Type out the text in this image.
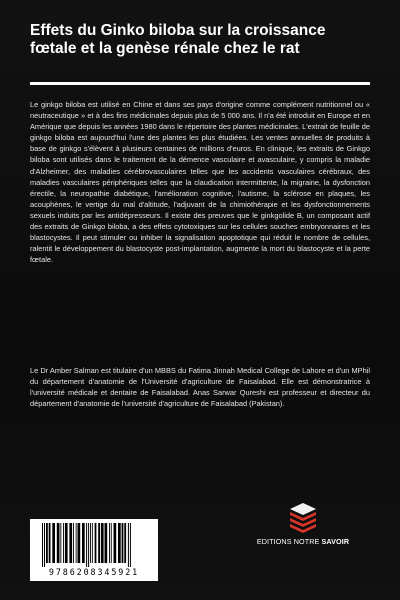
Effets du Ginko biloba sur la croissance fœtale et la genèse rénale chez le rat

Le ginkgo biloba est utilisé en Chine et dans ses pays d'origine comme complément nutritionnel ou « neutraceutique » et à des fins médicinales depuis plus de 5 000 ans. Il n'a été introduit en Europe et en Amérique que depuis les années 1980 dans le répertoire des plantes médicinales. L'extrait de feuille de ginkgo biloba est aujourd'hui l'une des plantes les plus étudiées. Les ventes annuelles de produits à base de ginkgo s'élèvent à plusieurs centaines de millions d'euros. En clinique, les extraits de Ginkgo biloba sont utilisés dans le traitement de la démence vasculaire et avasculaire, y compris la maladie d'Alzheimer, des maladies cérébrovasculaires telles que les accidents vasculaires cérébraux, des maladies vasculaires périphériques telles que la claudication intermittente, la migraine, la dysfonction érectile, la neuropathie diabétique, l'amélioration cognitive, l'autisme, la sclérose en plaques, les acouphènes, le vertige du mal d'altitude, l'adjuvant de la chimiothérapie et les dysfonctionnements sexuels induits par les antidépresseurs. Il existe des preuves que le ginkgolide B, un composant actif des extraits de Ginkgo biloba, a des effets cytotoxiques sur les cellules souches embryonnaires et les blastocystes. Il peut stimuler ou inhiber la signalisation apoptotique qui réduit le nombre de cellules, ralentit le développement du blastocyste post-implantation, augmente la mort du blastocyste et la perte fœtale.

Le Dr Amber Salman est titulaire d'un MBBS du Fatima Jinnah Medical College de Lahore et d'un MPhil du département d'anatomie de l'Université d'agriculture de Faisalabad. Elle est démonstratrice à l'université médicale et dentaire de Faisalabad. Anas Sarwar Qureshi est professeur et directeur du département d'anatomie de l'université d'agriculture de Faisalabad (Pakistan).

EDITIONS NOTRE SAVOIR
9786208345921
